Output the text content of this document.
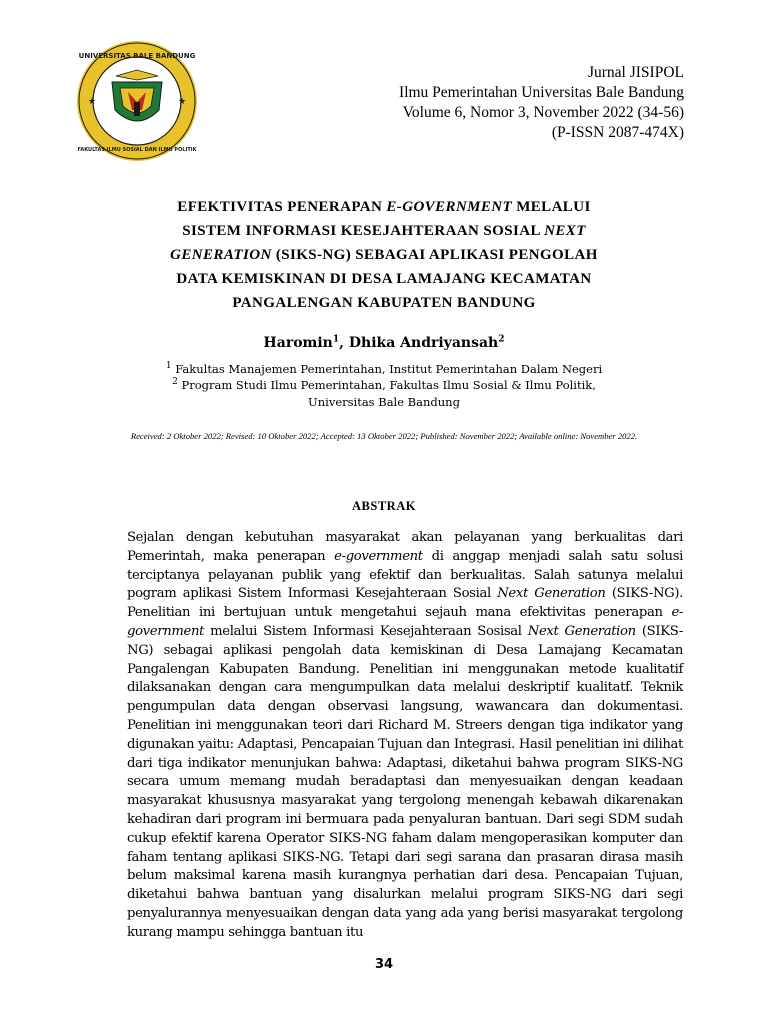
UNIVERSITAS BALE BANDUNG
FAKULTAS ILMU SOSIAL DAN ILMU POLITIK
★	★
Jurnal JISIPOL
Ilmu Pemerintahan Universitas Bale Bandung
Volume 6, Nomor 3, November 2022 (34-56)
(P-ISSN 2087-474X)
EFEKTIVITAS PENERAPAN E-GOVERNMENT MELALUI
SISTEM INFORMASI KESEJAHTERAAN SOSIAL NEXT
GENERATION (SIKS-NG) SEBAGAI APLIKASI PENGOLAH
DATA KEMISKINAN DI DESA LAMAJANG KECAMATAN
PANGALENGAN KABUPATEN BANDUNG
Haromin$^1$, Dhika Andriyansah$^2$
$^1$ Fakultas Manajemen Pemerintahan, Institut Pemerintahan Dalam Negeri
$^2$ Program Studi Ilmu Pemerintahan, Fakultas Ilmu Sosial & Ilmu Politik, Universitas Bale Bandung
Received: 2 Oktober 2022; Revised: 10 Oktober 2022; Accepted: 13 Oktober 2022; Published: November 2022; Available online: November 2022.
ABSTRAK

Sejalan dengan kebutuhan masyarakat akan pelayanan yang berkualitas dari Pemerintah, maka penerapan e-government di anggap menjadi salah satu solusi terciptanya pelayanan publik yang efektif dan berkualitas. Salah satunya melalui pogram aplikasi Sistem Informasi Kesejahteraan Sosial Next Generation (SIKS-NG). Penelitian ini bertujuan untuk mengetahui sejauh mana efektivitas penerapan e-government melalui Sistem Informasi Kesejahteraan Sosisal Next Generation (SIKS-NG) sebagai aplikasi pengolah data kemiskinan di Desa Lamajang Kecamatan Pangalengan Kabupaten Bandung. Penelitian ini menggunakan metode kualitatif dilaksanakan dengan cara mengumpulkan data melalui deskriptif kualitatf. Teknik pengumpulan data dengan observasi langsung, wawancara dan dokumentasi. Penelitian ini menggunakan teori dari Richard M. Streers dengan tiga indikator yang digunakan yaitu: Adaptasi, Pencapaian Tujuan dan Integrasi. Hasil penelitian ini dilihat dari tiga indikator menunjukan bahwa: Adaptasi, diketahui bahwa program SIKS-NG secara umum memang mudah beradaptasi dan menyesuaikan dengan keadaan masyarakat khususnya masyarakat yang tergolong menengah kebawah dikarenakan kehadiran dari program ini bermuara pada penyaluran bantuan. Dari segi SDM sudah cukup efektif karena Operator SIKS-NG faham dalam mengoperasikan komputer dan faham tentang aplikasi SIKS-NG. Tetapi dari segi sarana dan prasaran dirasa masih belum maksimal karena masih kurangnya perhatian dari desa. Pencapaian Tujuan, diketahui bahwa bantuan yang disalurkan melalui program SIKS-NG dari segi penyalurannya menyesuaikan dengan data yang ada yang berisi masyarakat tergolong kurang mampu sehingga bantuan itu

34
